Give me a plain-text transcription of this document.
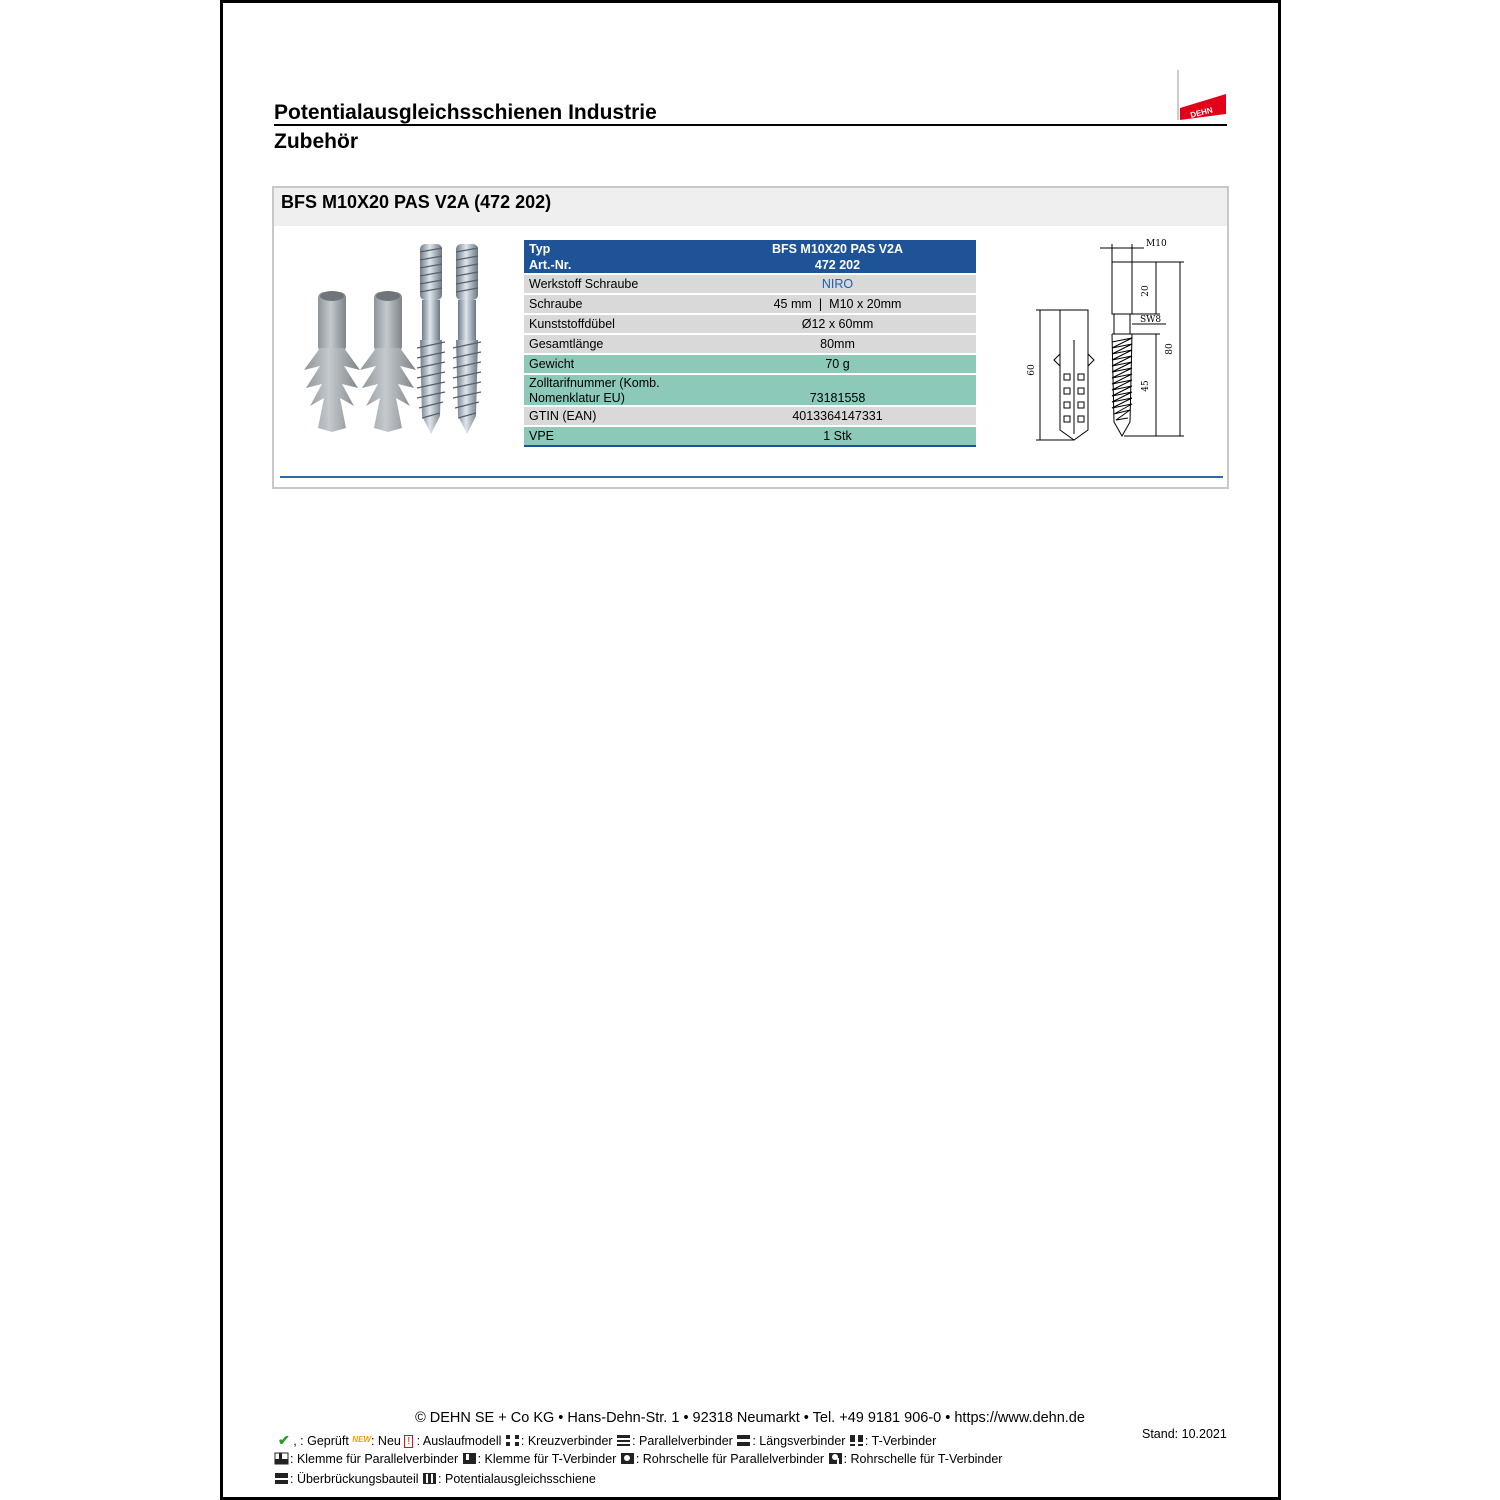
DEHN
Potentialausgleichsschienen Industrie
Zubehör
BFS M10X20 PAS V2A (472 202)
Typ	BFS M10X20 PAS V2A
Art.-Nr.	472 202
Werkstoff Schraube	NIRO
Schraube	45 mm ❘ M10 x 20mm
Kunststoffdübel	Ø12 x 60mm
Gesamtlänge	80mm
Gewicht	70 g
Zolltarifnummer (Komb. Nomenklatur EU)	73181558
GTIN (EAN)	4013364147331
VPE	1 Stk
M10
20
SW8
80
45
60
© DEHN SE + Co KG • Hans-Dehn-Str. 1 • 92318 Neumarkt • Tel. +49 9181 906-0 • https://www.dehn.de
Stand: 10.2021
✔ , : Geprüft $^{NEW}$: Neu ! : Auslaufmodell : Kreuzverbinder : Parallelverbinder : Längsverbinder : T-Verbinder
: Klemme für Parallelverbinder : Klemme für T-Verbinder : Rohrschelle für Parallelverbinder : Rohrschelle für T-Verbinder
: Überbrückungsbauteil : Potentialausgleichsschiene
